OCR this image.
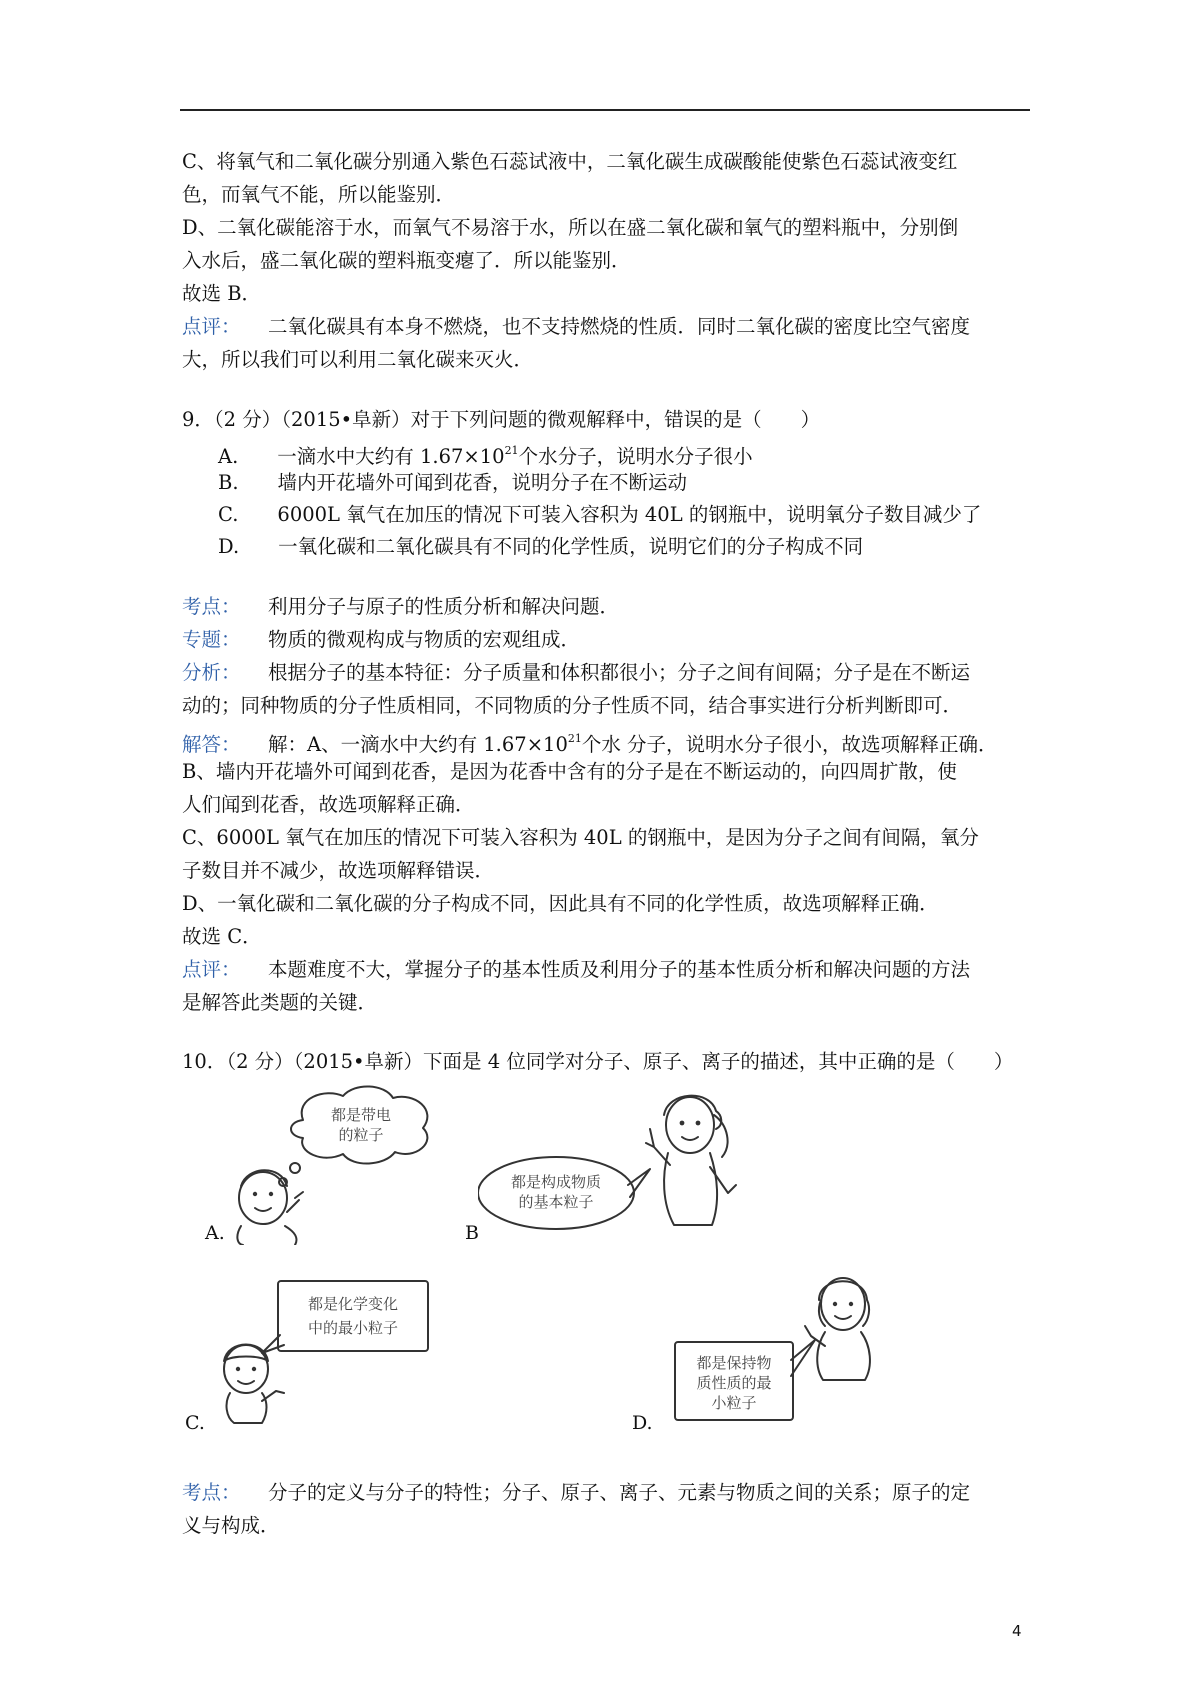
C、将氧气和二氧化碳分别通入紫色石蕊试液中，二氧化碳生成碳酸能使紫色石蕊试液变红
色，而氧气不能，所以能鉴别．
D、二氧化碳能溶于水，而氧气不易溶于水，所以在盛二氧化碳和氧气的塑料瓶中，分别倒
入水后，盛二氧化碳的塑料瓶变瘪了．所以能鉴别．
故选 B．
点评： 二氧化碳具有本身不燃烧，也不支持燃烧的性质．同时二氧化碳的密度比空气密度
大，所以我们可以利用二氧化碳来灭火．
9．（2 分）（2015•阜新）对于下列问题的微观解释中，错误的是（　　）
A.　　一滴水中大约有 $1.67\times 10^{21}$个水分子，说明水分子很小
B.　　墙内开花墙外可闻到花香，说明分子在不断运动
C.　　6000L 氧气在加压的情况下可装入容积为 40L 的钢瓶中，说明氧分子数目减少了
D.　　一氧化碳和二氧化碳具有不同的化学性质，说明它们的分子构成不同
考点： 利用分子与原子的性质分析和解决问题．
专题： 物质的微观构成与物质的宏观组成．
分析： 根据分子的基本特征：分子质量和体积都很小；分子之间有间隔；分子是在不断运
动的；同种物质的分子性质相同，不同物质的分子性质不同，结合事实进行分析判断即可．
解答： 解：A、一滴水中大约有 $1.67\times 10^{21}$个水 分子，说明水分子很小，故选项解释正确．
B、墙内开花墙外可闻到花香，是因为花香中含有的分子是在不断运动的，向四周扩散，使
人们闻到花香，故选项解释正确．
C、6000L 氧气在加压的情况下可装入容积为 40L 的钢瓶中，是因为分子之间有间隔，氧分
子数目并不减少，故选项解释错误．
D、一氧化碳和二氧化碳的分子构成不同，因此具有不同的化学性质，故选项解释正确．
故选 C．
点评： 本题难度不大，掌握分子的基本性质及利用分子的基本性质分析和解决问题的方法
是解答此类题的关键．
10．（2 分）（2015•阜新）下面是 4 位同学对分子、原子、离子的描述，其中正确的是（　　）
都是带电
的粒子
A.
都是构成物质
的基本粒子
B
都是化学变化
中的最小粒子
C.
都是保持物
质性质的最
小粒子
D.
考点： 分子的定义与分子的特性；分子、原子、离子、元素与物质之间的关系；原子的定
义与构成．
4
